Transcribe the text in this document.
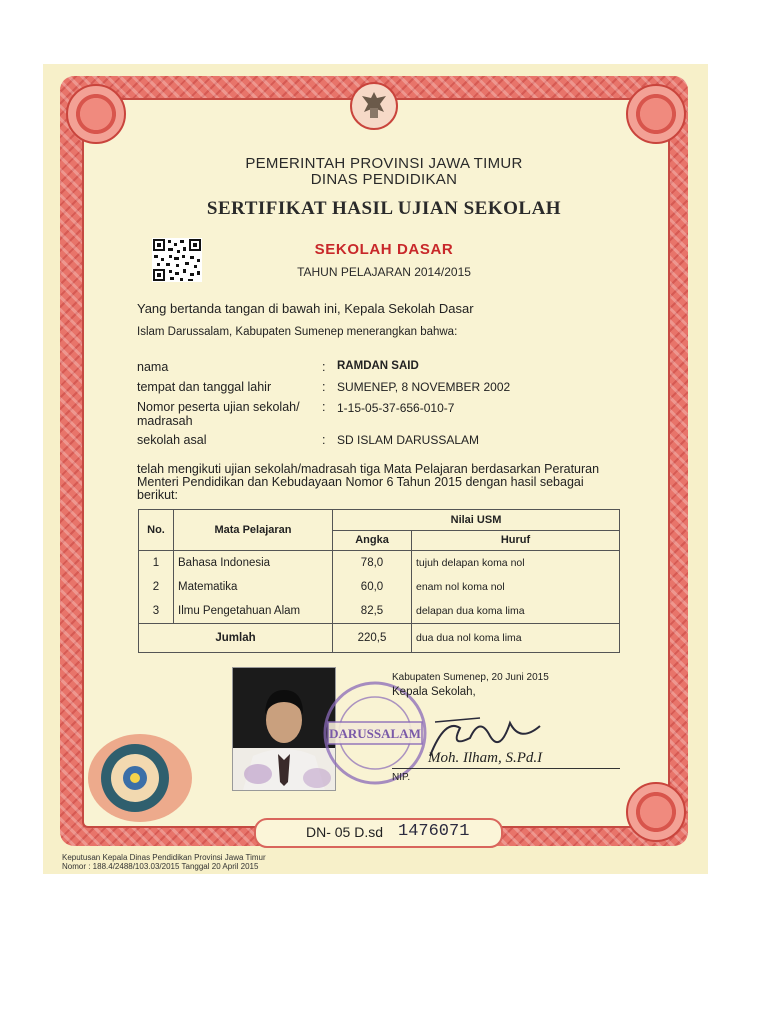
PEMERINTAH PROVINSI JAWA TIMUR
DINAS PENDIDIKAN
SERTIFIKAT HASIL UJIAN SEKOLAH
SEKOLAH DASAR
TAHUN PELAJARAN 2014/2015
Yang bertanda tangan di bawah ini, Kepala Sekolah Dasar
Islam Darussalam, Kabupaten Sumenep menerangkan bahwa:
nama	: RAMDAN SAID
tempat dan tanggal lahir	: SUMENEP, 8 NOVEMBER 2002
Nomor peserta ujian sekolah/
madrasah
: 1-15-05-37-656-010-7
sekolah asal	: SD ISLAM DARUSSALAM
telah mengikuti ujian sekolah/madrasah tiga Mata Pelajaran berdasarkan Peraturan
Menteri Pendidikan dan Kebudayaan Nomor 6 Tahun 2015 dengan hasil sebagai
berikut:
No.	Mata Pelajaran	Nilai USM	
		Angka	Huruf
1	Bahasa Indonesia	78,0	tujuh delapan koma nol
2	Matematika	60,0	enam nol koma nol
3	Ilmu Pengetahuan Alam	82,5	delapan dua koma lima
Jumlah		220,5	dua dua nol koma lima
DARUSSALAM
Kabupaten Sumenep, 20 Juni 2015
Kepala Sekolah,
Moh. Ilham, S.Pd.I
NIP.
DN- 05 D.sd 1476071
Keputusan Kepala Dinas Pendidikan Provinsi Jawa Timur
Nomor : 188.4/2488/103.03/2015 Tanggal 20 April 2015
